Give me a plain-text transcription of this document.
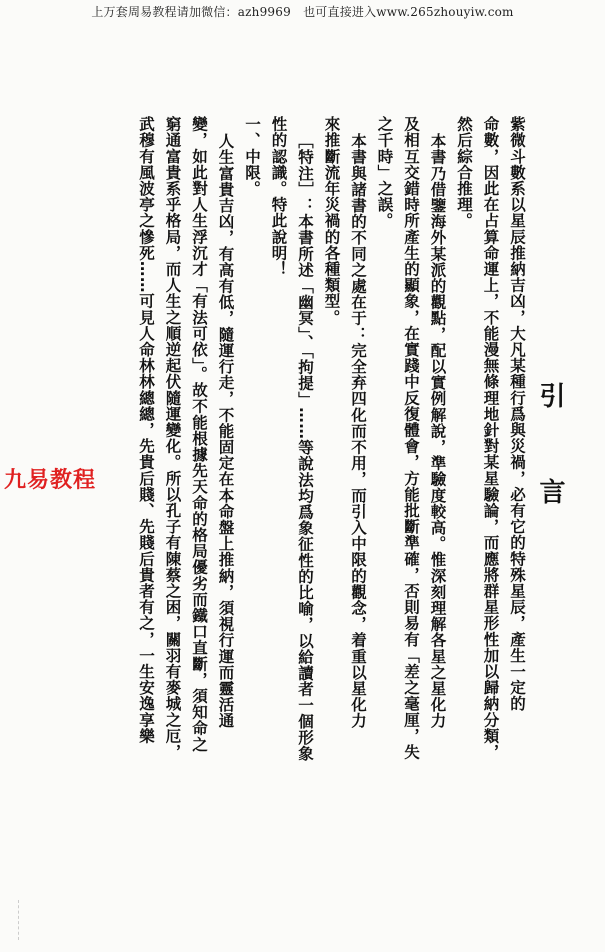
上万套周易教程请加微信：azh9969　也可直接进入www.265zhouyiw.com
引言
紫微斗數系以星辰推納吉凶，大凡某種行爲與災禍，必有它的特殊星辰，產生一定的
命數，因此在占算命運上，不能漫無條理地針對某星驗論，而應將群星形性加以歸納分類，
然后綜合推理。
本書乃借鑒海外某派的觀點，配以實例解說，準驗度較高。惟深刻理解各星之星化力
及相互交錯時所產生的顯象，在實踐中反復體會，方能批斷準確，否則易有「差之毫厘，失
之千時」之誤。
本書與諸書的不同之處在于：完全弃四化而不用，而引入中限的觀念，着重以星化力
來推斷流年災禍的各種類型。
［特注］：本書所述「幽冥」、「拘提」……等說法均爲象征性的比喻，以給讀者一個形象
性的認識。特此說明！
一、中限。
人生富貴吉凶，有高有低，隨運行走，不能固定在本命盤上推納，須視行運而靈活通
變，如此對人生浮沉才「有法可依」。故不能根據先天命的格局優劣而鐵口直斷，須知命之
窮通富貴系乎格局，而人生之順逆起伏隨運變化。所以孔子有陳蔡之困，關羽有麥城之厄，
武穆有風波亭之慘死……可見人命林林總總，先貴后賤、先賤后貴者有之，一生安逸享樂
九易教程
